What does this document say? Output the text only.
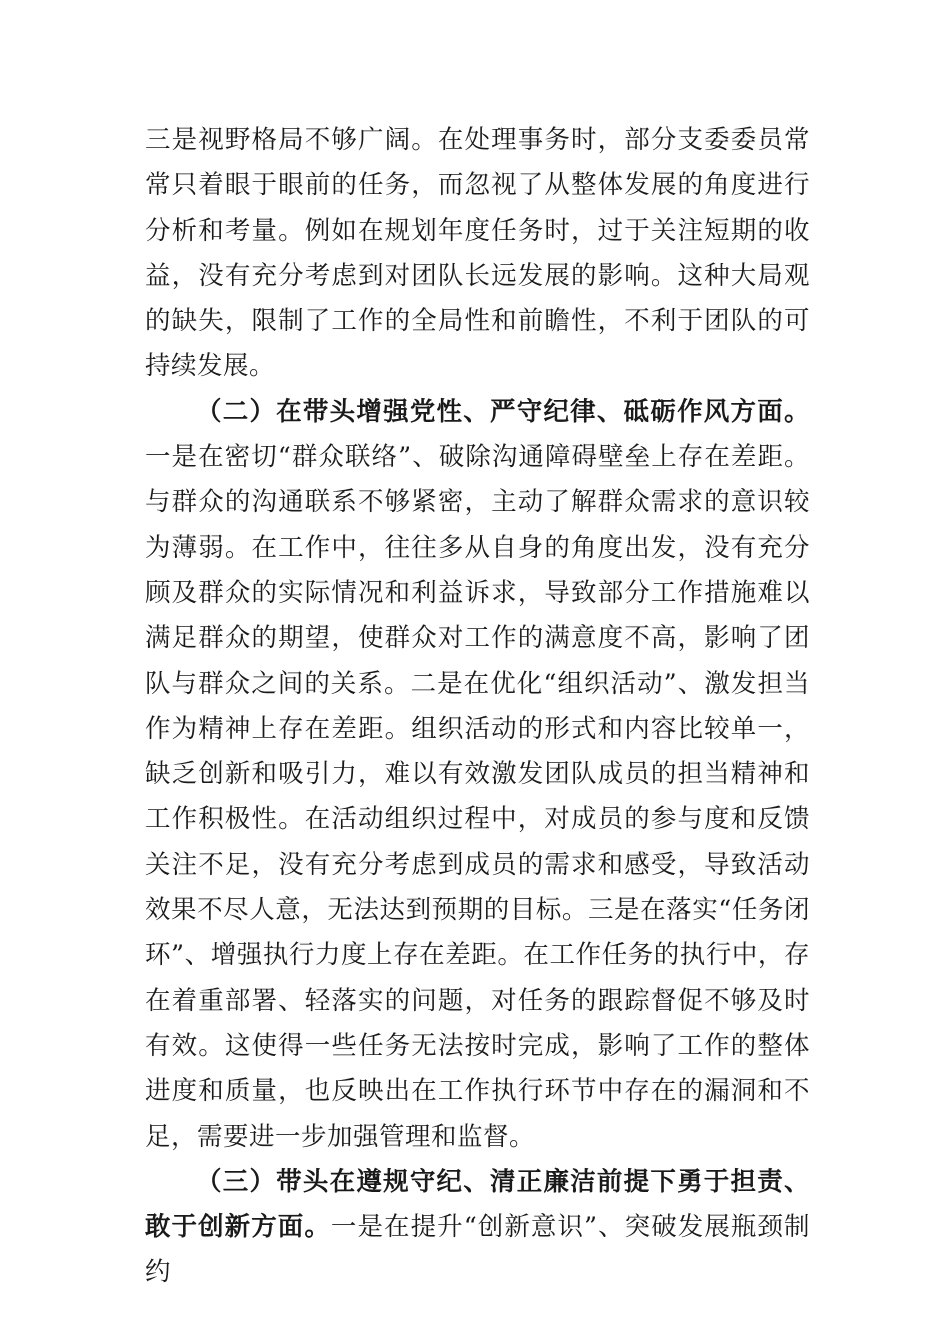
三是视野格局不够广阔。在处理事务时，部分支委委员常常只着眼于眼前的任务，而忽视了从整体发展的角度进行分析和考量。例如在规划年度任务时，过于关注短期的收益，没有充分考虑到对团队长远发展的影响。这种大局观的缺失，限制了工作的全局性和前瞻性，不利于团队的可持续发展。

（二）在带头增强党性、严守纪律、砥砺作风方面。一是在密切“群众联络”、破除沟通障碍壁垒上存在差距。与群众的沟通联系不够紧密，主动了解群众需求的意识较为薄弱。在工作中，往往多从自身的角度出发，没有充分顾及群众的实际情况和利益诉求，导致部分工作措施难以满足群众的期望，使群众对工作的满意度不高，影响了团队与群众之间的关系。二是在优化“组织活动”、激发担当作为精神上存在差距。组织活动的形式和内容比较单一，缺乏创新和吸引力，难以有效激发团队成员的担当精神和工作积极性。在活动组织过程中，对成员的参与度和反馈关注不足，没有充分考虑到成员的需求和感受，导致活动效果不尽人意，无法达到预期的目标。三是在落实“任务闭环”、增强执行力度上存在差距。在工作任务的执行中，存在着重部署、轻落实的问题，对任务的跟踪督促不够及时有效。这使得一些任务无法按时完成，影响了工作的整体进度和质量，也反映出在工作执行环节中存在的漏洞和不足，需要进一步加强管理和监督。

（三）带头在遵规守纪、清正廉洁前提下勇于担责、敢于创新方面。一是在提升“创新意识”、突破发展瓶颈制约
